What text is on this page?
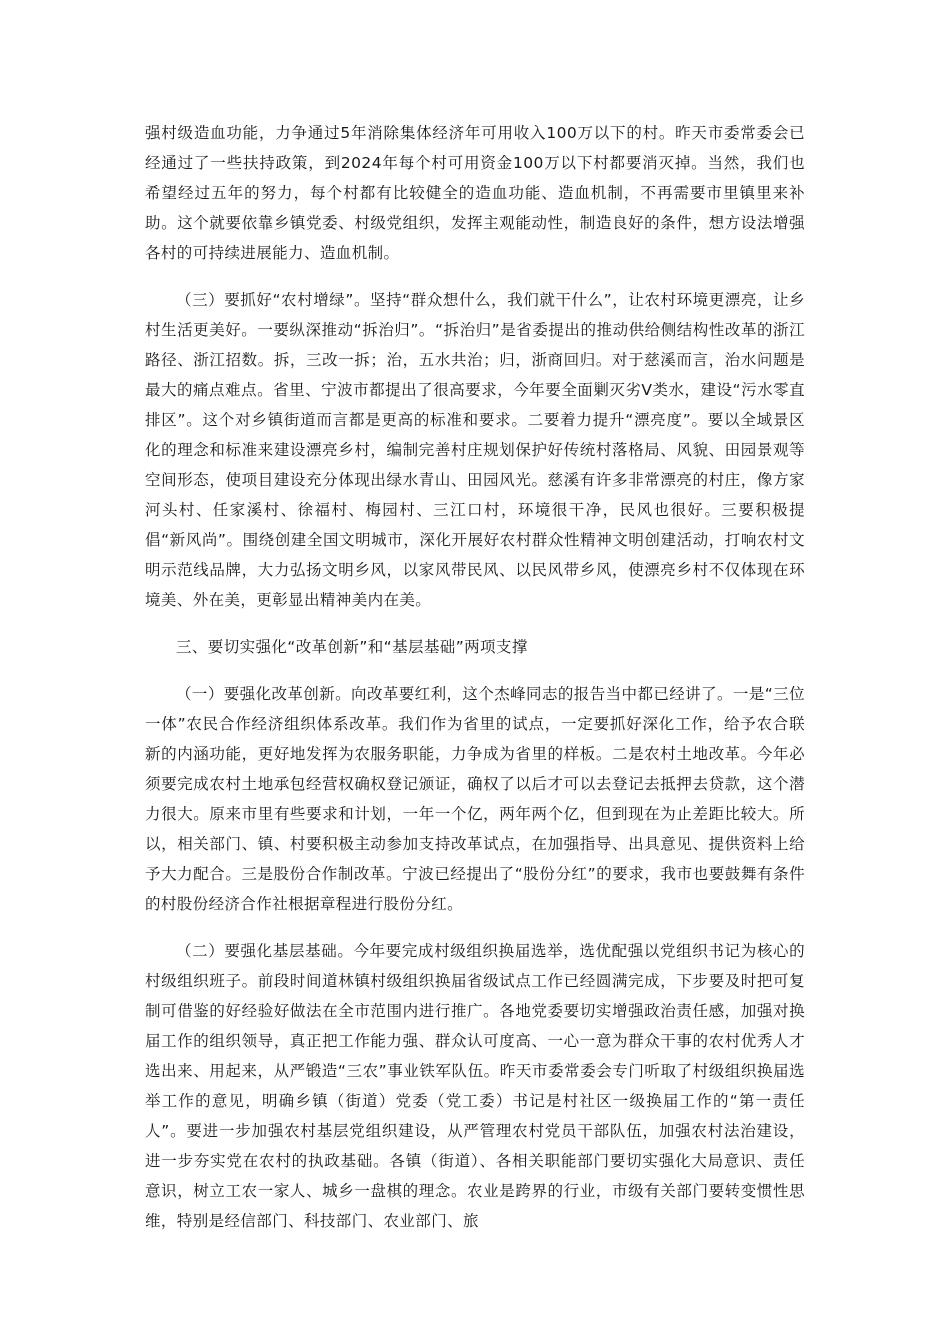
强村级造血功能，力争通过5年消除集体经济年可用收入100万以下的村。昨天市委常委会已经通过了一些扶持政策，到2024年每个村可用资金100万以下村都要消灭掉。当然，我们也希望经过五年的努力，每个村都有比较健全的造血功能、造血机制，不再需要市里镇里来补助。这个就要依靠乡镇党委、村级党组织，发挥主观能动性，制造良好的条件，想方设法增强各村的可持续进展能力、造血机制。

（三）要抓好“农村增绿”。坚持“群众想什么，我们就干什么”，让农村环境更漂亮，让乡村生活更美好。一要纵深推动“拆治归”。“拆治归”是省委提出的推动供给侧结构性改革的浙江路径、浙江招数。拆，三改一拆；治，五水共治；归，浙商回归。对于慈溪而言，治水问题是最大的痛点难点。省里、宁波市都提出了很高要求，今年要全面剿灭劣Ⅴ类水，建设“污水零直排区”。这个对乡镇街道而言都是更高的标准和要求。二要着力提升“漂亮度”。要以全域景区化的理念和标准来建设漂亮乡村，编制完善村庄规划保护好传统村落格局、风貌、田园景观等空间形态，使项目建设充分体现出绿水青山、田园风光。慈溪有许多非常漂亮的村庄，像方家河头村、任家溪村、徐福村、梅园村、三江口村，环境很干净，民风也很好。三要积极提倡“新风尚”。围绕创建全国文明城市，深化开展好农村群众性精神文明创建活动，打响农村文明示范线品牌，大力弘扬文明乡风，以家风带民风、以民风带乡风，使漂亮乡村不仅体现在环境美、外在美，更彰显出精神美内在美。

三、要切实强化“改革创新”和“基层基础”两项支撑

（一）要强化改革创新。向改革要红利，这个杰峰同志的报告当中都已经讲了。一是“三位一体”农民合作经济组织体系改革。我们作为省里的试点，一定要抓好深化工作，给予农合联新的内涵功能，更好地发挥为农服务职能，力争成为省里的样板。二是农村土地改革。今年必须要完成农村土地承包经营权确权登记颁证，确权了以后才可以去登记去抵押去贷款，这个潜力很大。原来市里有些要求和计划，一年一个亿，两年两个亿，但到现在为止差距比较大。所以，相关部门、镇、村要积极主动参加支持改革试点，在加强指导、出具意见、提供资料上给予大力配合。三是股份合作制改革。宁波已经提出了“股份分红”的要求，我市也要鼓舞有条件的村股份经济合作社根据章程进行股份分红。

（二）要强化基层基础。今年要完成村级组织换届选举，选优配强以党组织书记为核心的村级组织班子。前段时间道林镇村级组织换届省级试点工作已经圆满完成，下步要及时把可复制可借鉴的好经验好做法在全市范围内进行推广。各地党委要切实增强政治责任感，加强对换届工作的组织领导，真正把工作能力强、群众认可度高、一心一意为群众干事的农村优秀人才选出来、用起来，从严锻造“三农”事业铁军队伍。昨天市委常委会专门听取了村级组织换届选举工作的意见，明确乡镇（街道）党委（党工委）书记是村社区一级换届工作的“第一责任人”。要进一步加强农村基层党组织建设，从严管理农村党员干部队伍，加强农村法治建设，进一步夯实党在农村的执政基础。各镇（街道）、各相关职能部门要切实强化大局意识、责任意识，树立工农一家人、城乡一盘棋的理念。农业是跨界的行业，市级有关部门要转变惯性思维，特别是经信部门、科技部门、农业部门、旅
